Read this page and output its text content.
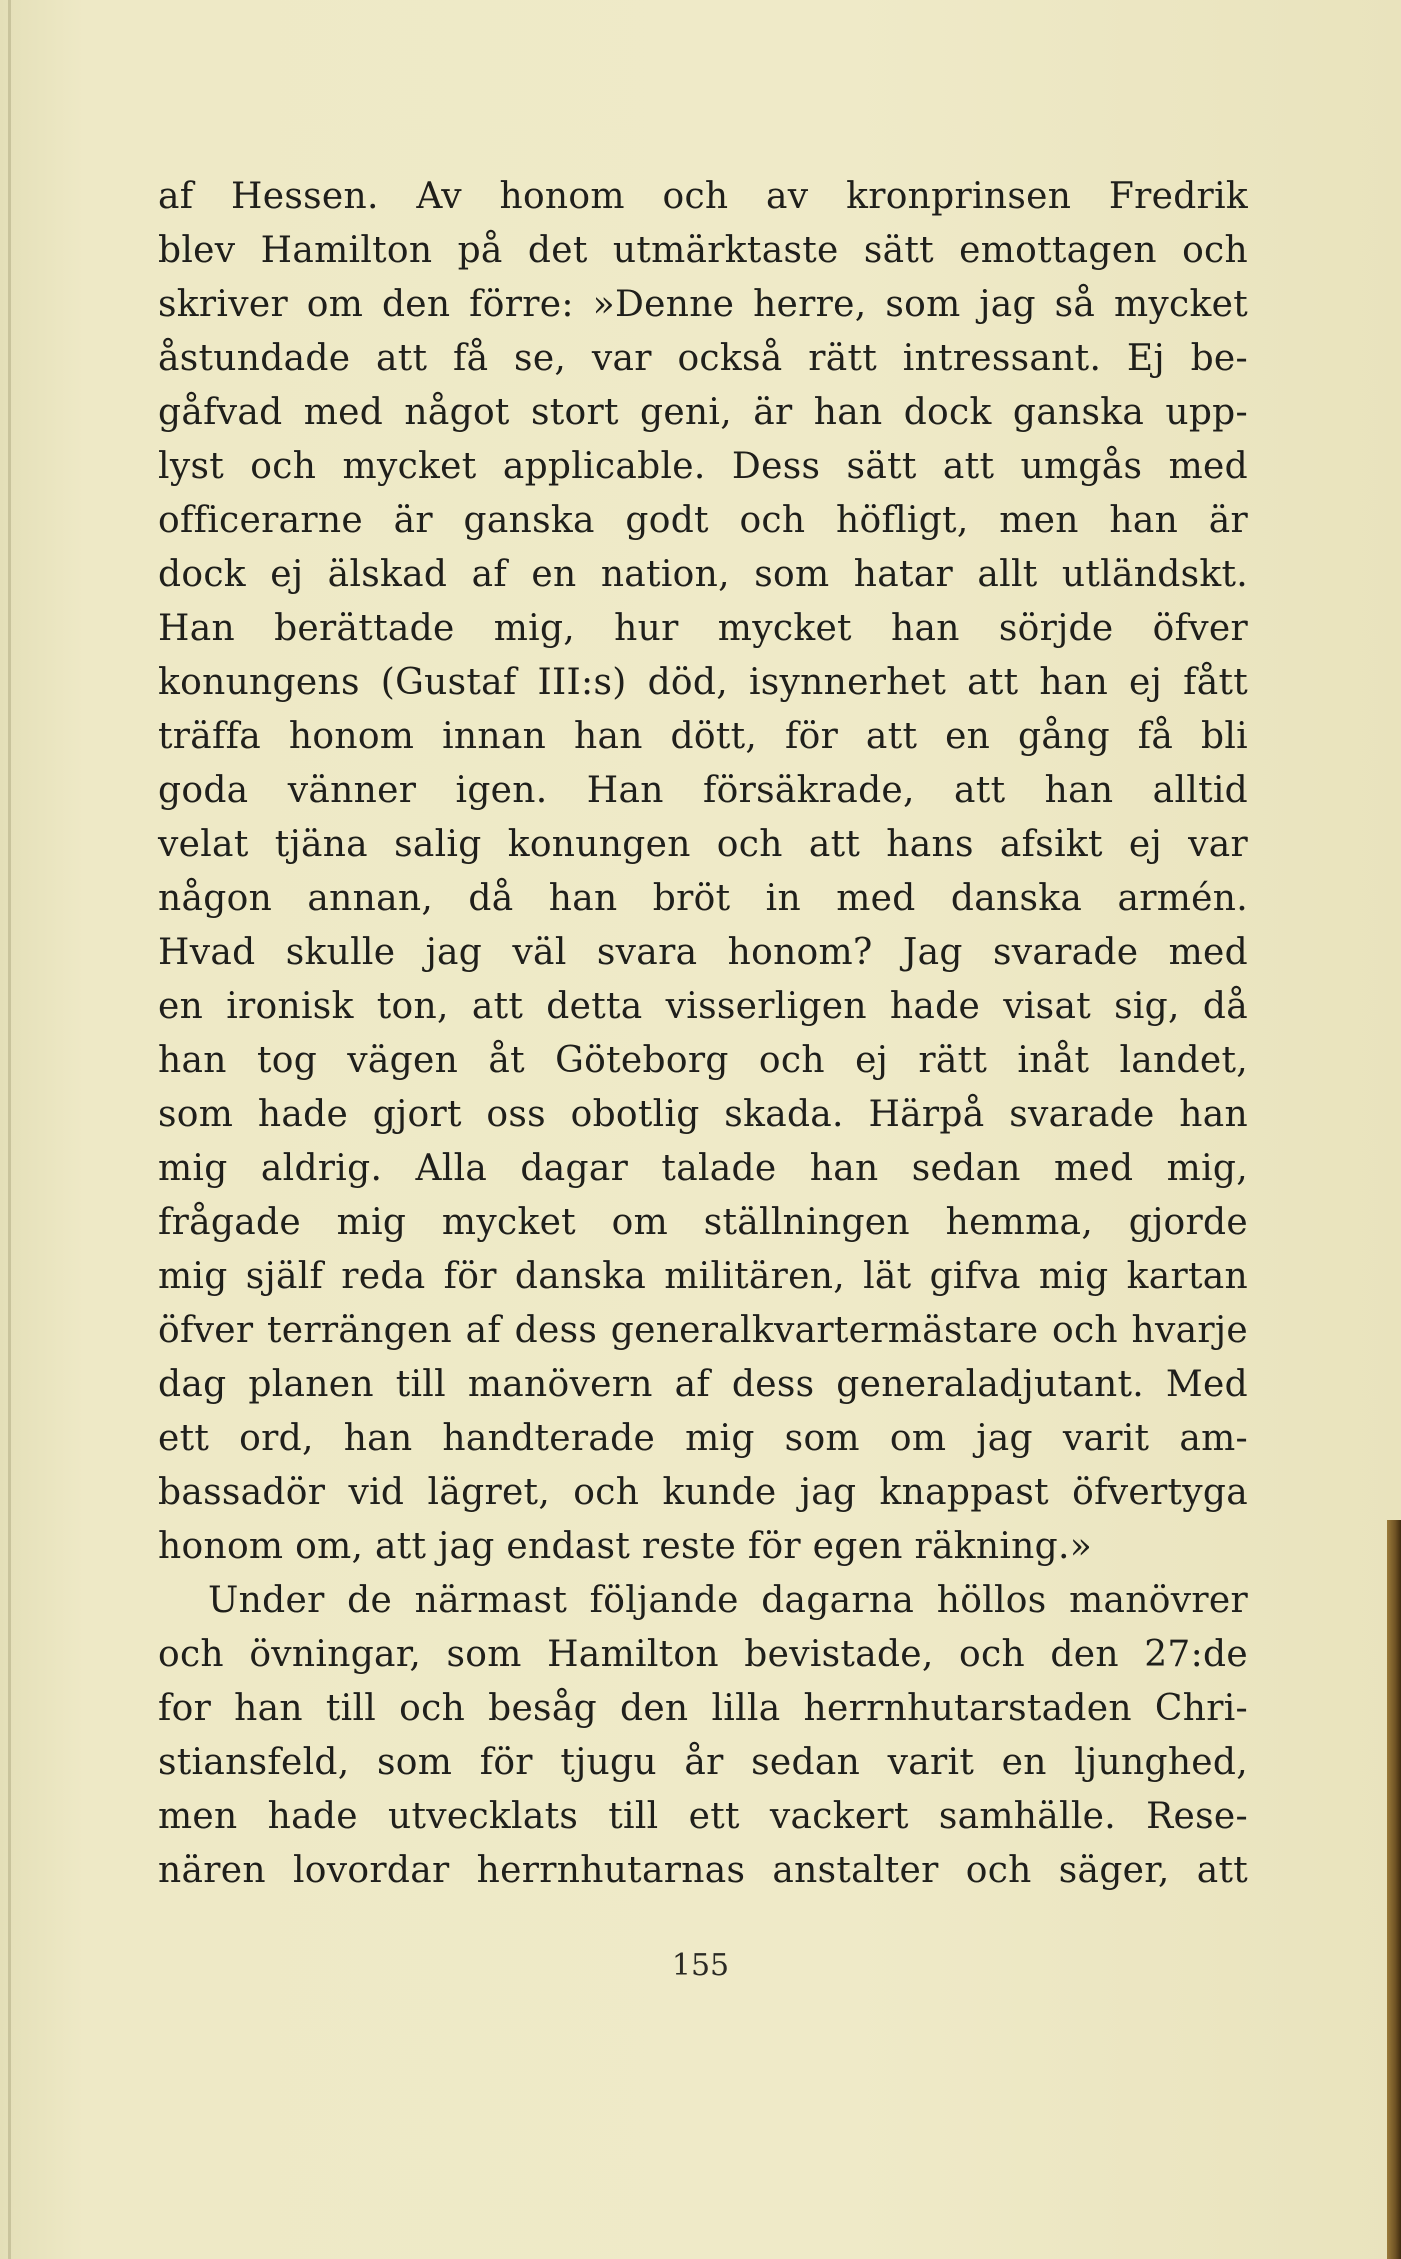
af Hessen. Av honom och av kronprinsen Fredrik
blev Hamilton på det utmärktaste sätt emottagen och
skriver om den förre: »Denne herre, som jag så mycket
åstundade att få se, var också rätt intressant. Ej be-
gåfvad med något stort geni, är han dock ganska upp-
lyst och mycket applicable. Dess sätt att umgås med
officerarne är ganska godt och höfligt, men han är
dock ej älskad af en nation, som hatar allt utländskt.
Han berättade mig, hur mycket han sörjde öfver
konungens (Gustaf III:s) död, isynnerhet att han ej fått
träffa honom innan han dött, för att en gång få bli
goda vänner igen. Han försäkrade, att han alltid
velat tjäna salig konungen och att hans afsikt ej var
någon annan, då han bröt in med danska armén.
Hvad skulle jag väl svara honom? Jag svarade med
en ironisk ton, att detta visserligen hade visat sig, då
han tog vägen åt Göteborg och ej rätt inåt landet,
som hade gjort oss obotlig skada. Härpå svarade han
mig aldrig. Alla dagar talade han sedan med mig,
frågade mig mycket om ställningen hemma, gjorde
mig själf reda för danska militären, lät gifva mig kartan
öfver terrängen af dess generalkvartermästare och hvarje
dag planen till manövern af dess generaladjutant. Med
ett ord, han handterade mig som om jag varit am-
bassadör vid lägret, och kunde jag knappast öfvertyga
honom om, att jag endast reste för egen räkning.»
Under de närmast följande dagarna höllos manövrer
och övningar, som Hamilton bevistade, och den 27:de
for han till och besåg den lilla herrnhutarstaden Chri-
stiansfeld, som för tjugu år sedan varit en ljunghed,
men hade utvecklats till ett vackert samhälle. Rese-
nären lovordar herrnhutarnas anstalter och säger, att
155
